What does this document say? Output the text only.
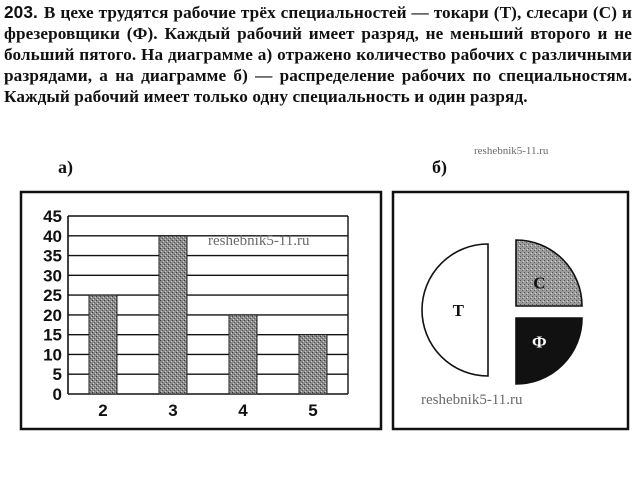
203. В цехе трудятся рабочие трёх специальностей — токари (Т), слесари (С) и фрезеровщики (Ф). Каждый рабочий имеет разряд, не меньший второго и не больший пятого. На диаграмме а) отражено количество рабочих с различными разрядами, а на диаграмме б) — распределение рабочих по специальностям. Каждый рабочий имеет только одну специальность и один разряд.
а)	б)
0
5
10
15
20
25
30
35
40
45
2	3	4	5
Т
С
Ф
reshebnik5-11.ru
reshebnik5-11.ru
reshebnik5-11.ru
